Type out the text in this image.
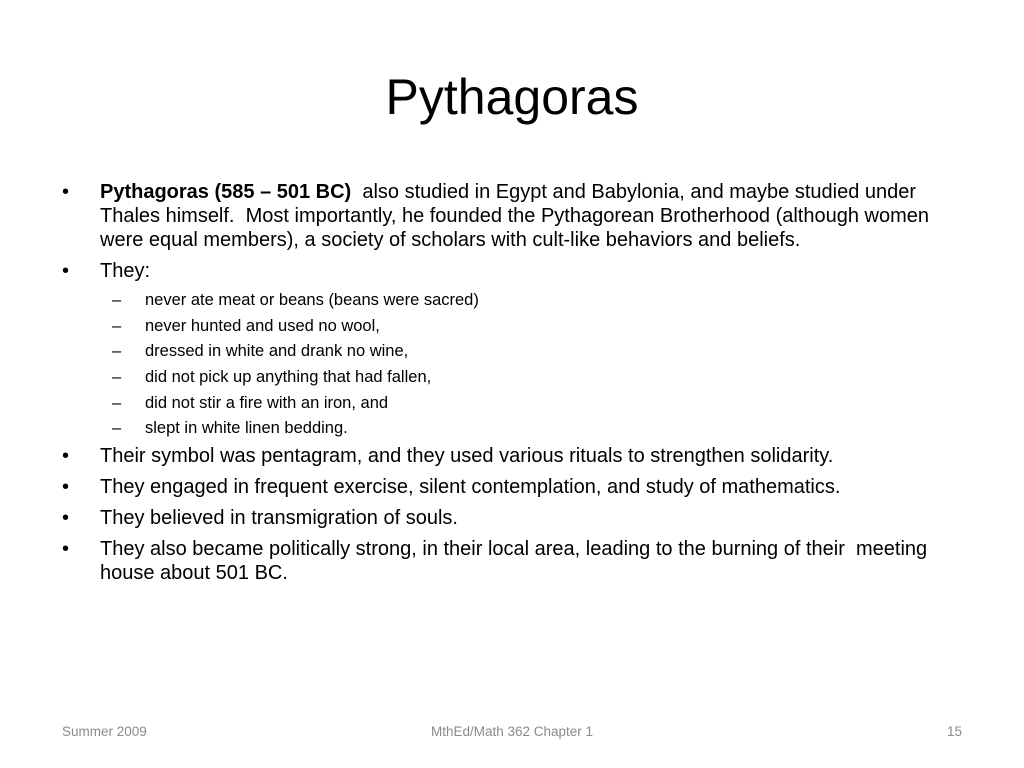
Pythagoras
•	Pythagoras (585 – 501 BC)  also studied in Egypt and Babylonia, and maybe studied under Thales himself.  Most importantly, he founded the Pythagorean Brotherhood (although women were equal members), a society of scholars with cult-like behaviors and beliefs.
•	They:
– never ate meat or beans (beans were sacred)
– never hunted and used no wool,
– dressed in white and drank no wine,
– did not pick up anything that had fallen,
– did not stir a fire with an iron, and
– slept in white linen bedding.
•	Their symbol was pentagram, and they used various rituals to strengthen solidarity.
•	They engaged in frequent exercise, silent contemplation, and study of mathematics.
•	They believed in transmigration of souls.
•	They also became politically strong, in their local area, leading to the burning of their  meeting house about 501 BC.

Summer 2009	MthEd/Math 362 Chapter 1	15
